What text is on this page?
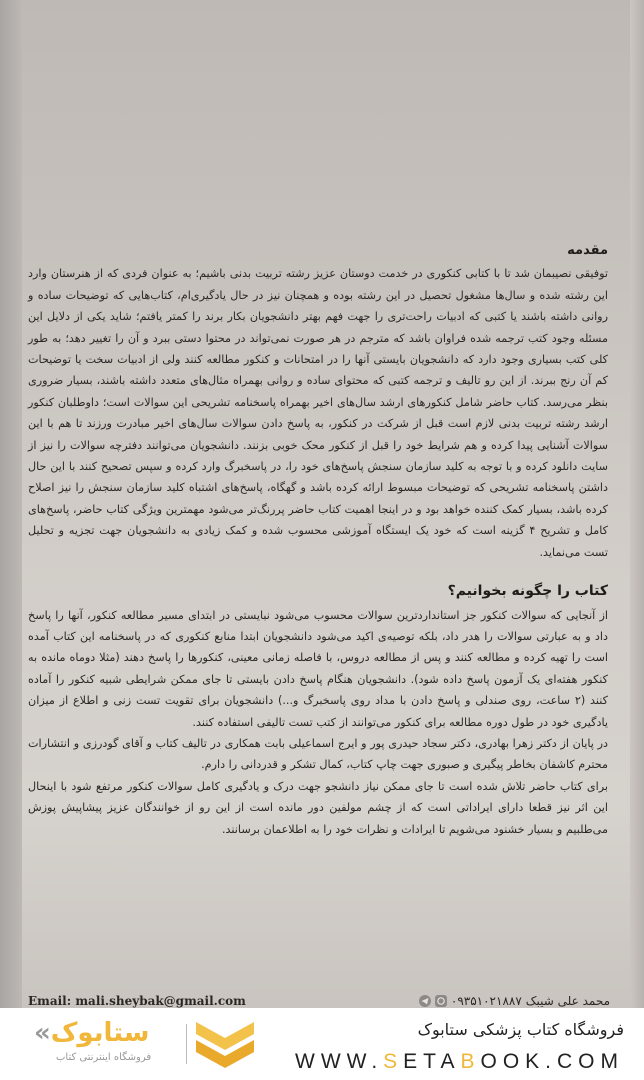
مقدمه

توفیقی نصیبمان شد تا با کتابی کنکوری در خدمت دوستان عزیز رشته تربیت بدنی باشیم؛ به عنوان فردی که از هنرستان وارد این رشته شده و سال‌ها مشغول تحصیل در این رشته بوده و همچنان نیز در حال یادگیری‌ام، کتاب‌هایی که توضیحات ساده و روانی داشته باشند یا کتبی که ادبیات راحت‌تری را جهت فهم بهتر دانشجویان بکار برند را کمتر یافتم؛ شاید یکی از دلایل این مسئله وجود کتب ترجمه شده فراوان باشد که مترجم در هر صورت نمی‌تواند در محتوا دستی ببرد و آن را تغییر دهد؛ به طور کلی کتب بسیاری وجود دارد که دانشجویان بایستی آنها را در امتحانات و کنکور مطالعه کنند ولی از ادبیات سخت یا توضیحات کم آن رنج ببرند. از این رو تالیف و ترجمه کتبی که محتوای ساده و روانی بهمراه مثال‌های متعدد داشته باشند، بسیار ضروری بنظر می‌رسد. کتاب حاضر شامل کنکورهای ارشد سال‌های اخیر بهمراه پاسخنامه تشریحی این سوالات است؛ داوطلبان کنکور ارشد رشته تربیت بدنی لازم است قبل از شرکت در کنکور، به پاسخ دادن سوالات سال‌های اخیر مبادرت ورزند تا هم با این سوالات آشنایی پیدا کرده و هم شرایط خود را قبل از کنکور محک خوبی بزنند. دانشجویان می‌توانند دفترچه سوالات را نیز از سایت دانلود کرده و با توجه به کلید سازمان سنجش پاسخ‌های خود را، در پاسخبرگ وارد کرده و سپس تصحیح کنند با این حال داشتن پاسخنامه تشریحی که توضیحات مبسوط ارائه کرده باشد و گهگاه، پاسخ‌های اشتباه کلید سازمان سنجش را نیز اصلاح کرده باشد، بسیار کمک کننده خواهد بود و در اینجا اهمیت کتاب حاضر پررنگ‌تر می‌شود مهمترین ویژگی کتاب حاضر، پاسخ‌های کامل و تشریح ۴ گزینه است که خود یک ایستگاه آموزشی محسوب شده و کمک زیادی به دانشجویان جهت تجزیه و تحلیل تست می‌نماید.

کتاب را چگونه بخوانیم؟

از آنجایی که سوالات کنکور جز استانداردترین سوالات محسوب می‌شود نبایستی در ابتدای مسیر مطالعه کنکور، آنها را پاسخ داد و به عبارتی سوالات را هدر داد، بلکه توصیه‌ی اکید می‌شود دانشجویان ابتدا منابع کنکوری که در پاسخنامه این کتاب آمده است را تهیه کرده و مطالعه کنند و پس از مطالعه دروس، با فاصله زمانی معینی، کنکورها را پاسخ دهند (مثلا دوماه مانده به کنکور هفته‌ای یک آزمون پاسخ داده شود). دانشجویان هنگام پاسخ دادن بایستی تا جای ممکن شرایطی شبیه کنکور را آماده کنند (۲ ساعت، روی صندلی و پاسخ دادن با مداد روی پاسخبرگ و...) دانشجویان برای تقویت تست زنی و اطلاع از میزان یادگیری خود در طول دوره مطالعه برای کنکور می‌توانند از کتب تست تالیفی استفاده کنند.

در پایان از دکتر زهرا بهادری، دکتر سجاد حیدری پور و ایرج اسماعیلی بابت همکاری در تالیف کتاب و آقای گودرزی و انتشارات محترم کاشفان بخاطر پیگیری و صبوری جهت چاپ کتاب، کمال تشکر و قدردانی را دارم.

برای کتاب حاضر تلاش شده است تا جای ممکن نیاز دانشجو جهت درک و یادگیری کامل سوالات کنکور مرتفع شود با اینحال این اثر نیز قطعا دارای ایراداتی است که از چشم مولفین دور مانده است از این رو از خوانندگان عزیز پیشاپیش پوزش می‌طلبیم و بسیار خشنود می‌شویم تا ایرادات و نظرات خود را به اطلاعمان برسانند.

Email: mali.sheybak@gmail.com	محمد علی شیبک
۰۹۳۵۱۰۲۱۸۸۷
فروشگاه کتاب پزشکی ستابوک
WWW.SETABOOK.COM
«ستابوک
فروشگاه اینترنتی کتاب
